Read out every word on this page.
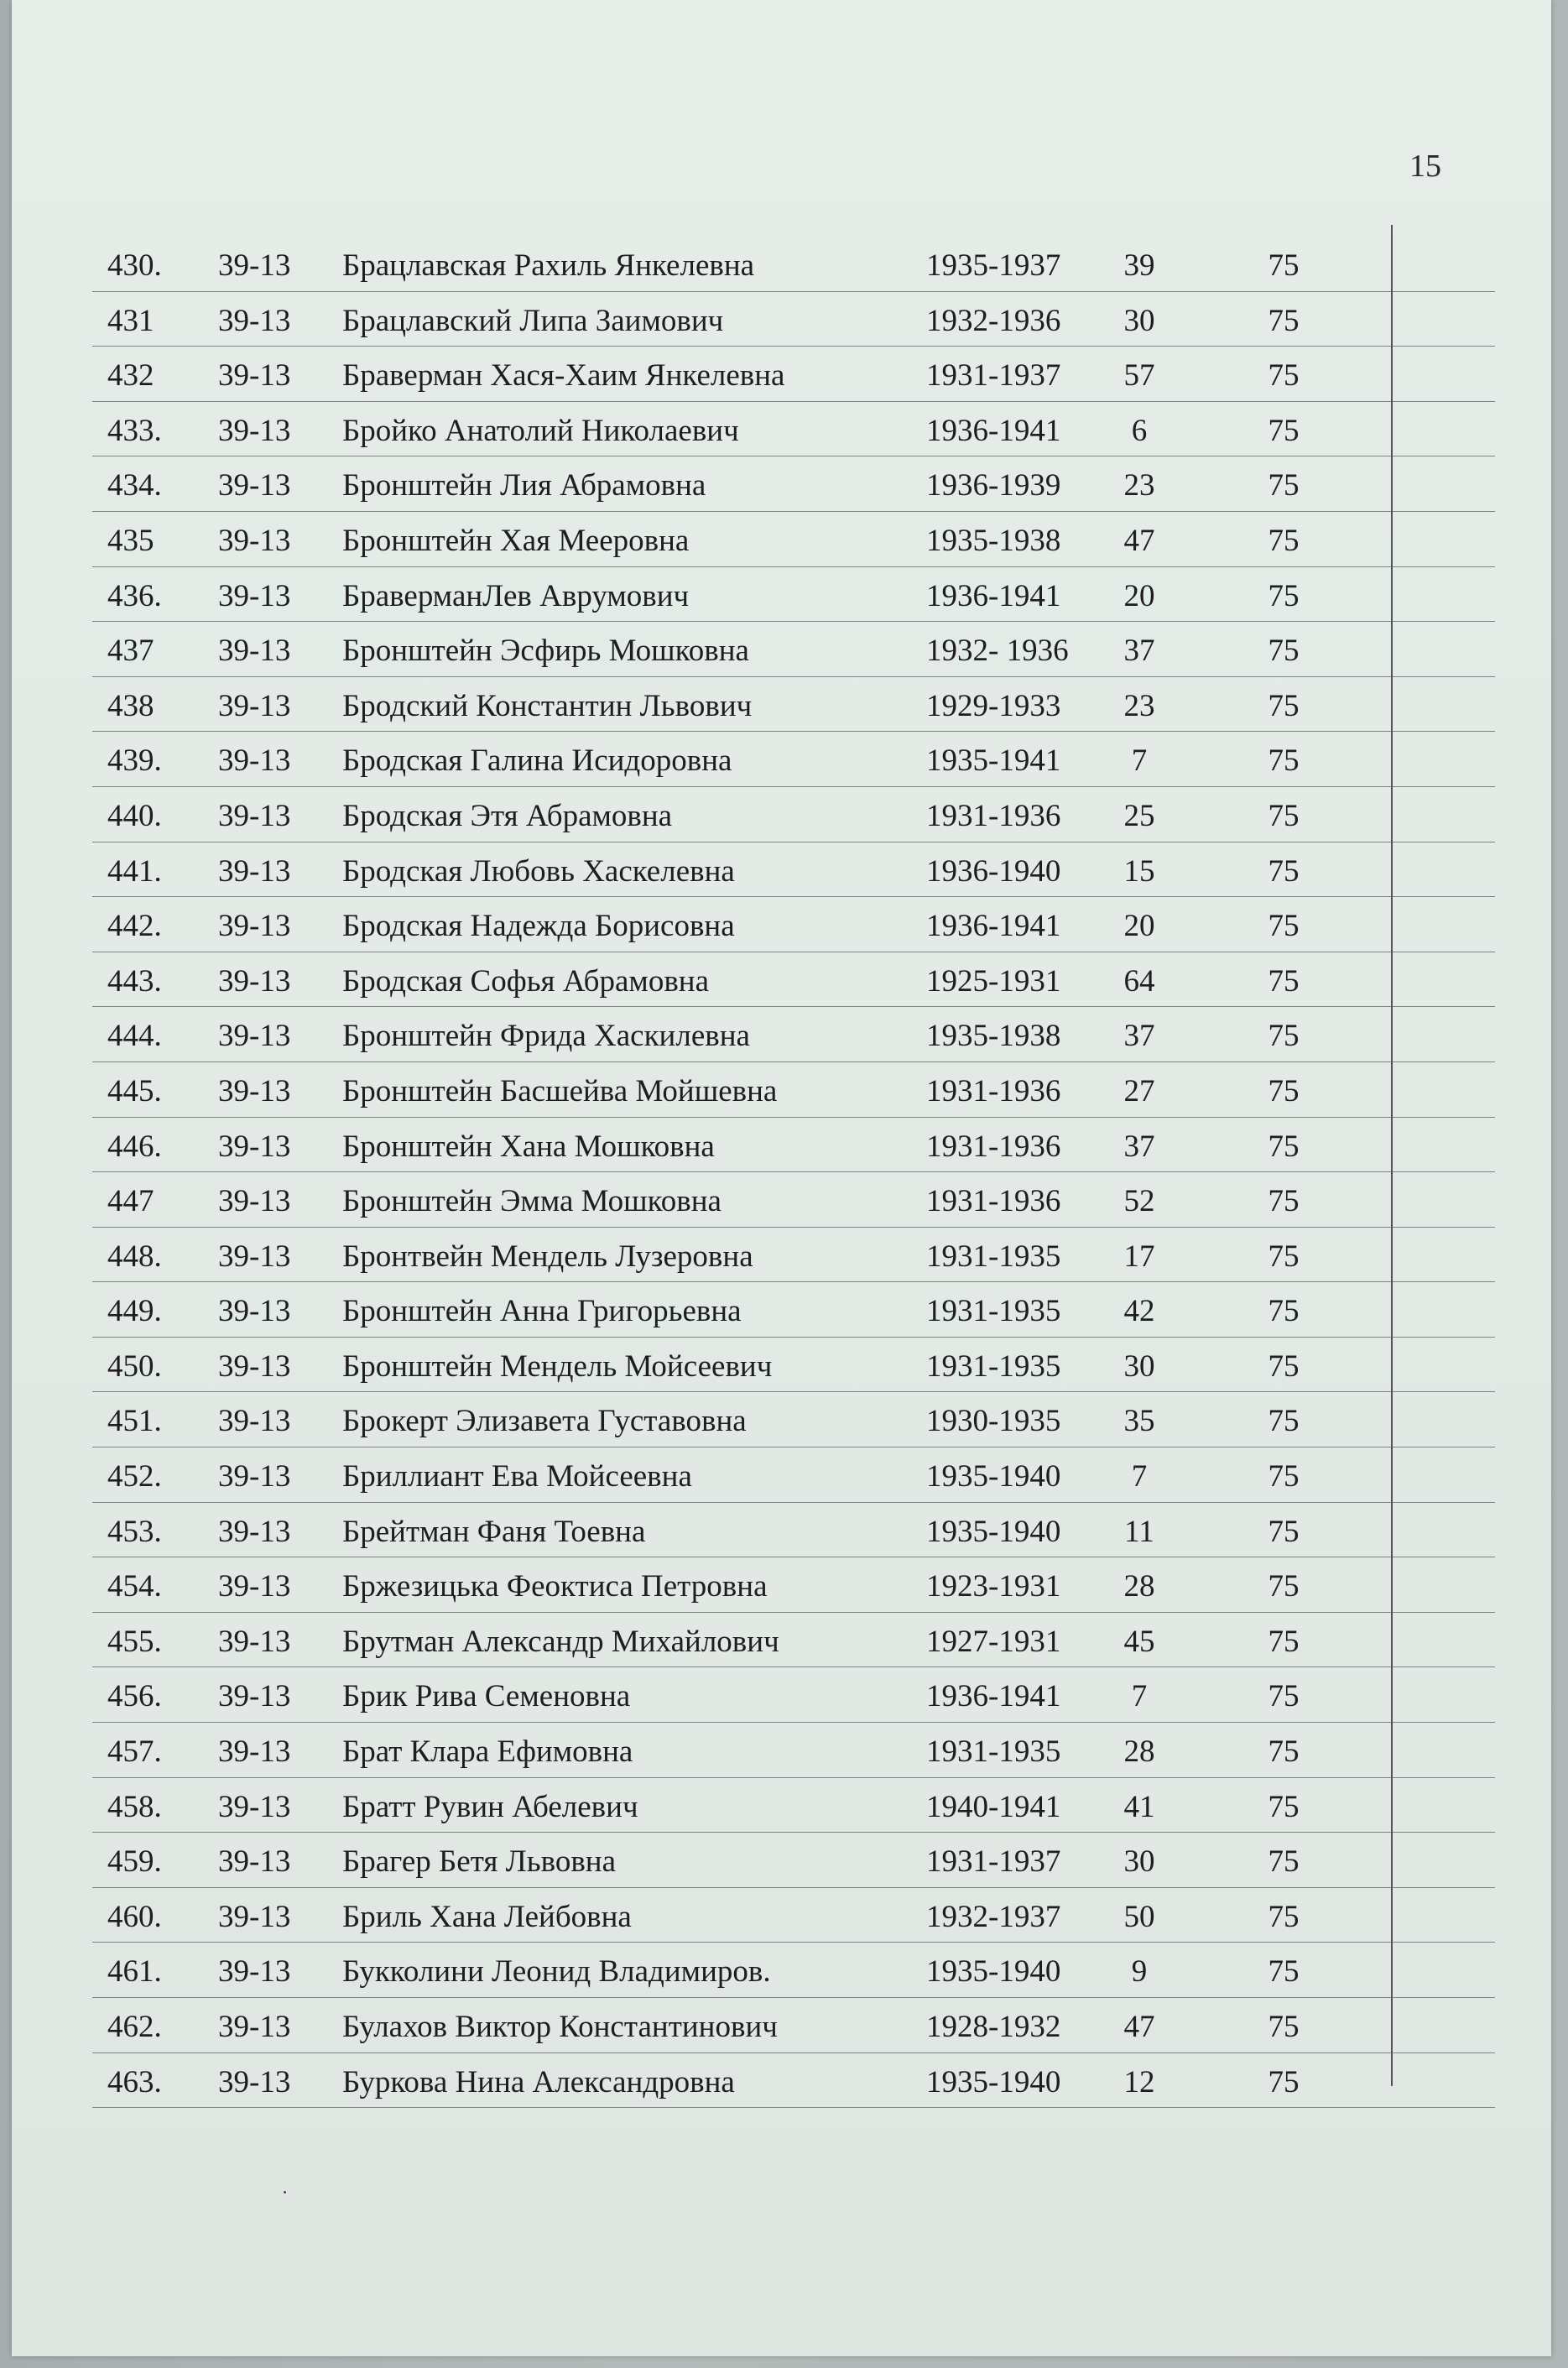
15
430. 39-13 Брацлавская Рахиль Янкелевна	1935-1937	39	75
431 39-13 Брацлавский Липа Заимович	1932-1936	30	75
432 39-13 Браверман Хася-Хаим Янкелевна	1931-1937	57	75
433. 39-13 Бройко Анатолий Николаевич	1936-1941	6	75
434. 39-13 Бронштейн Лия Абрамовна	1936-1939	23	75
435 39-13 Бронштейн Хая Мееровна	1935-1938	47	75
436. 39-13 БраверманЛев Аврумович	1936-1941	20	75
437 39-13 Бронштейн Эсфирь Мошковна	1932- 1936	37	75
438 39-13 Бродский Константин Львович	1929-1933	23	75
439. 39-13 Бродская Галина Исидоровна	1935-1941	7	75
440. 39-13 Бродская Этя Абрамовна	1931-1936	25	75
441. 39-13 Бродская Любовь Хаскелевна	1936-1940	15	75
442. 39-13 Бродская Надежда Борисовна	1936-1941	20	75
443. 39-13 Бродская Софья Абрамовна	1925-1931	64	75
444. 39-13 Бронштейн Фрида Хаскилевна	1935-1938	37	75
445. 39-13 Бронштейн Басшейва Мойшевна	1931-1936	27	75
446. 39-13 Бронштейн Хана Мошковна	1931-1936	37	75
447 39-13 Бронштейн Эмма Мошковна	1931-1936	52	75
448. 39-13 Бронтвейн Мендель Лузеровна	1931-1935	17	75
449. 39-13 Бронштейн Анна Григорьевна	1931-1935	42	75
450. 39-13 Бронштейн Мендель Мойсеевич	1931-1935	30	75
451. 39-13 Брокерт Элизавета Густавовна	1930-1935	35	75
452. 39-13 Бриллиант Ева Мойсеевна	1935-1940	7	75
453. 39-13 Брейтман Фаня Тоевна	1935-1940	11	75
454. 39-13 Бржезицька Феоктиса Петровна	1923-1931	28	75
455. 39-13 Брутман Александр Михайлович	1927-1931	45	75
456. 39-13 Брик Рива Семеновна	1936-1941	7	75
457. 39-13 Брат Клара Ефимовна	1931-1935	28	75
458. 39-13 Братт Рувин Абелевич	1940-1941	41	75
459. 39-13 Брагер Бетя Львовна	1931-1937	30	75
460. 39-13 Бриль Хана Лейбовна	1932-1937	50	75
461. 39-13 Букколини Леонид Владимиров.	1935-1940	9	75
462. 39-13 Булахов Виктор Константинович	1928-1932	47	75
463. 39-13 Буркова Нина Александровна	1935-1940	12	75
